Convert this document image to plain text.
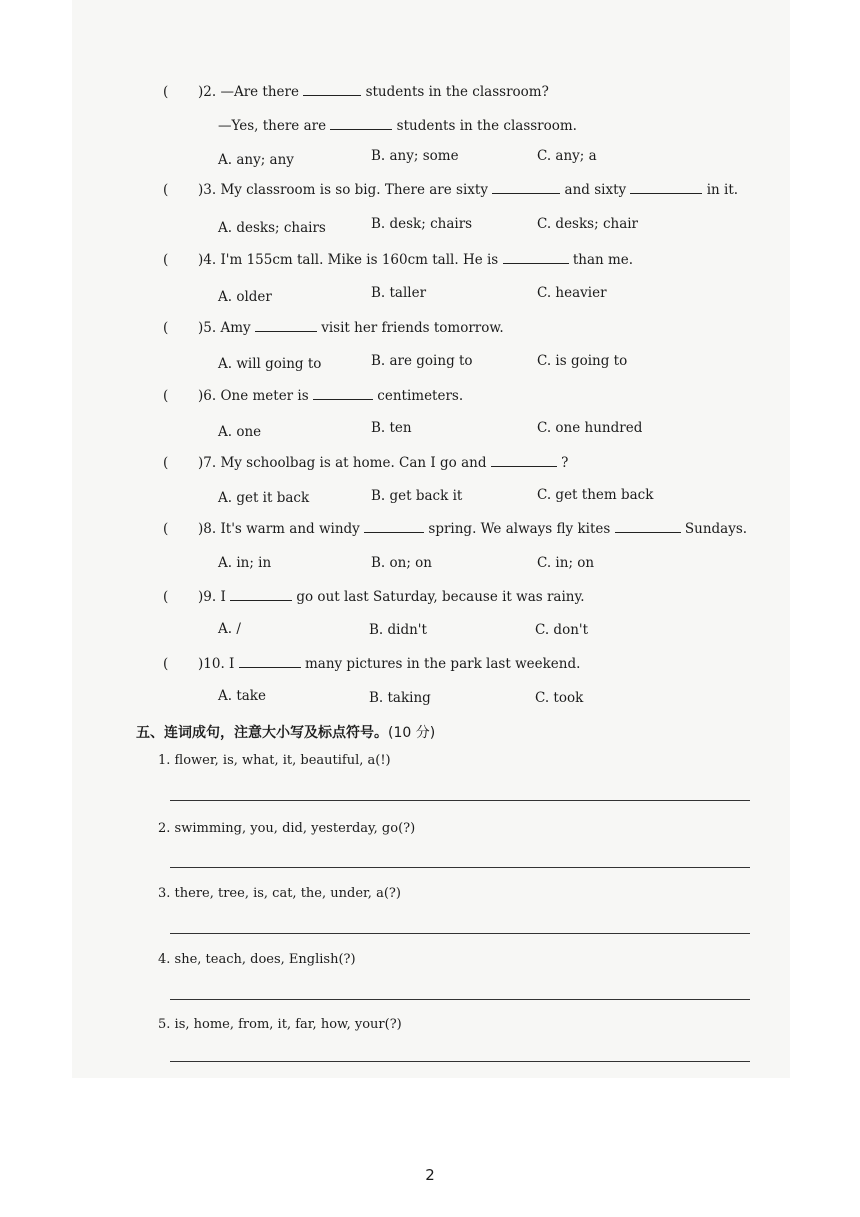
( )2. —Are there	students in the classroom?
—Yes, there are	students in the classroom.
A. any; any	B. any; some	C. any; a
( )3. My classroom is so big. There are sixty	and sixty	in it.
A. desks; chairs	B. desk; chairs	C. desks; chair
( )4. I'm 155cm tall. Mike is 160cm tall. He is	than me.
A. older	B. taller	C. heavier
( )5. Amy	visit her friends tomorrow.
A. will going to	B. are going to	C. is going to
( )6. One meter is	centimeters.
A. one	B. ten	C. one hundred
( )7. My schoolbag is at home. Can I go and	?
A. get it back	B. get back it	C. get them back
( )8. It's warm and windy	spring. We always fly kites	Sundays.
A. in; in	B. on; on	C. in; on
( )9. I	go out last Saturday, because it was rainy.
A. /	B. didn't	C. don't
( )10. I	many pictures in the park last weekend.
A. take	B. taking	C. took
五、连词成句，注意大小写及标点符号。(10 分)
1. flower, is, what, it, beautiful, a(!)
2. swimming, you, did, yesterday, go(?)
3. there, tree, is, cat, the, under, a(?)
4. she, teach, does, English(?)
5. is, home, from, it, far, how, your(?)
2
